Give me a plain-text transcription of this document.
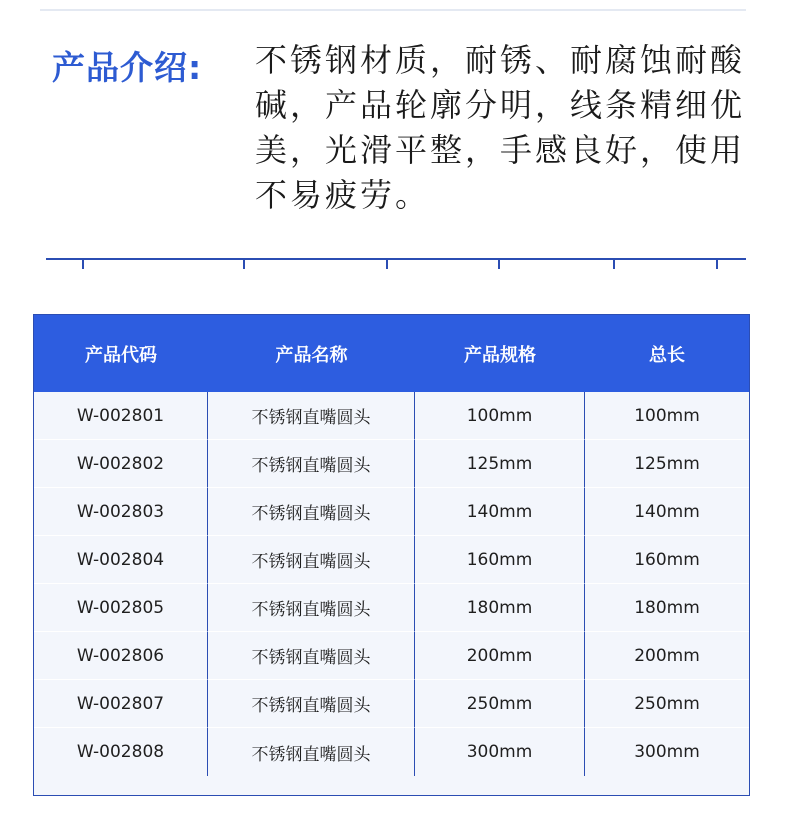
产品介绍: 不锈钢材质，耐锈、耐腐蚀耐酸碱，产品轮廓分明，线条精细优美，光滑平整，手感良好，使用不易疲劳。
产品代码	产品名称	产品规格	总长
W-002801	不锈钢直嘴圆头	100mm	100mm
W-002802	不锈钢直嘴圆头	125mm	125mm
W-002803	不锈钢直嘴圆头	140mm	140mm
W-002804	不锈钢直嘴圆头	160mm	160mm
W-002805	不锈钢直嘴圆头	180mm	180mm
W-002806	不锈钢直嘴圆头	200mm	200mm
W-002807	不锈钢直嘴圆头	250mm	250mm
W-002808	不锈钢直嘴圆头	300mm	300mm
